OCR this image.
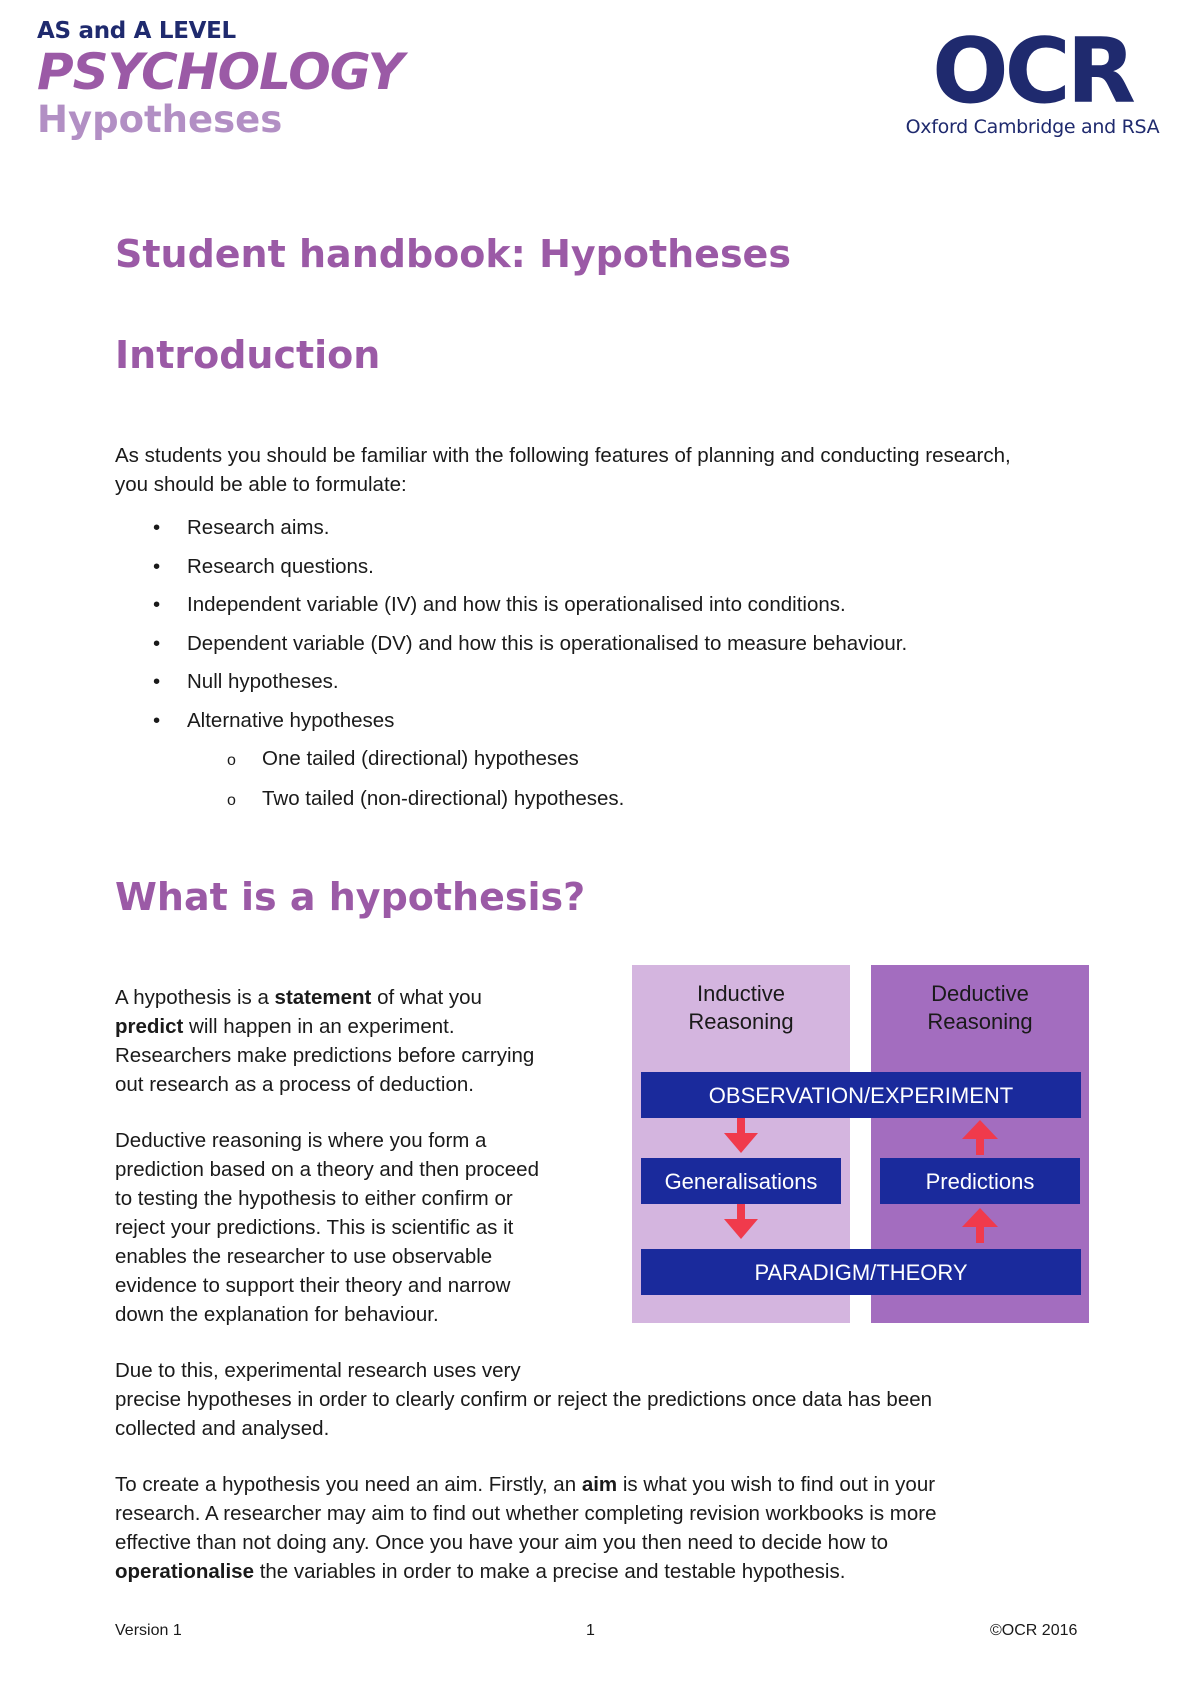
AS and A LEVEL
PSYCHOLOGY
Hypotheses	OCR
Oxford Cambridge and RSA
Student handbook: Hypotheses
Introduction
As students you should be familiar with the following features of planning and conducting research,
you should be able to formulate:
• Research aims.
• Research questions.
• Independent variable (IV) and how this is operationalised into conditions.
• Dependent variable (DV) and how this is operationalised to measure behaviour.
• Null hypotheses.
• Alternative hypotheses
o One tailed (directional) hypotheses
o Two tailed (non-directional) hypotheses.
What is a hypothesis?
A hypothesis is a statement of what you
predict will happen in an experiment.
Researchers make predictions before carrying
out research as a process of deduction.
Deductive reasoning is where you form a
prediction based on a theory and then proceed
to testing the hypothesis to either confirm or
reject your predictions. This is scientific as it
enables the researcher to use observable
evidence to support their theory and narrow
down the explanation for behaviour.
Due to this, experimental research uses very
precise hypotheses in order to clearly confirm or reject the predictions once data has been
collected and analysed.
To create a hypothesis you need an aim. Firstly, an aim is what you wish to find out in your
research. A researcher may aim to find out whether completing revision workbooks is more
effective than not doing any. Once you have your aim you then need to decide how to
operationalise the variables in order to make a precise and testable hypothesis.
Inductive
Reasoning
Deductive
Reasoning
OBSERVATION/EXPERIMENT
Generalisations	Predictions
PARADIGM/THEORY
Version 1	1	©OCR 2016
